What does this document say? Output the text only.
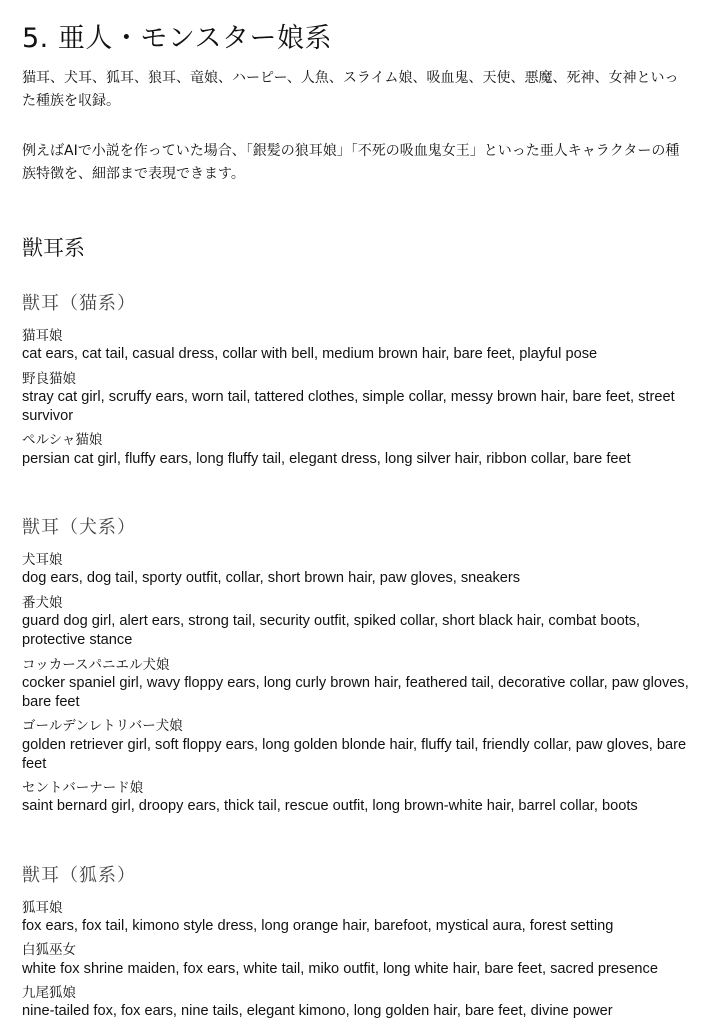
5. 亜人・モンスター娘系
猫耳、犬耳、狐耳、狼耳、竜娘、ハーピー、人魚、スライム娘、吸血鬼、天使、悪魔、死神、女神といった種族を収録。
例えばAIで小説を作っていた場合、「銀髪の狼耳娘」「不死の吸血鬼女王」といった亜人キャラクターの種族特徴を、細部まで表現できます。
獣耳系
獣耳（猫系）
猫耳娘
cat ears, cat tail, casual dress, collar with bell, medium brown hair, bare feet, playful pose
野良猫娘
stray cat girl, scruffy ears, worn tail, tattered clothes, simple collar, messy brown hair, bare feet, street survivor
ペルシャ猫娘
persian cat girl, fluffy ears, long fluffy tail, elegant dress, long silver hair, ribbon collar, bare feet
獣耳（犬系）
犬耳娘
dog ears, dog tail, sporty outfit, collar, short brown hair, paw gloves, sneakers
番犬娘
guard dog girl, alert ears, strong tail, security outfit, spiked collar, short black hair, combat boots, protective stance
コッカースパニエル犬娘
cocker spaniel girl, wavy floppy ears, long curly brown hair, feathered tail, decorative collar, paw gloves, bare feet
ゴールデンレトリバー犬娘
golden retriever girl, soft floppy ears, long golden blonde hair, fluffy tail, friendly collar, paw gloves, bare feet
セントバーナード娘
saint bernard girl, droopy ears, thick tail, rescue outfit, long brown-white hair, barrel collar, boots
獣耳（狐系）
狐耳娘
fox ears, fox tail, kimono style dress, long orange hair, barefoot, mystical aura, forest setting
白狐巫女
white fox shrine maiden, fox ears, white tail, miko outfit, long white hair, bare feet, sacred presence
九尾狐娘
nine-tailed fox, fox ears, nine tails, elegant kimono, long golden hair, bare feet, divine power
